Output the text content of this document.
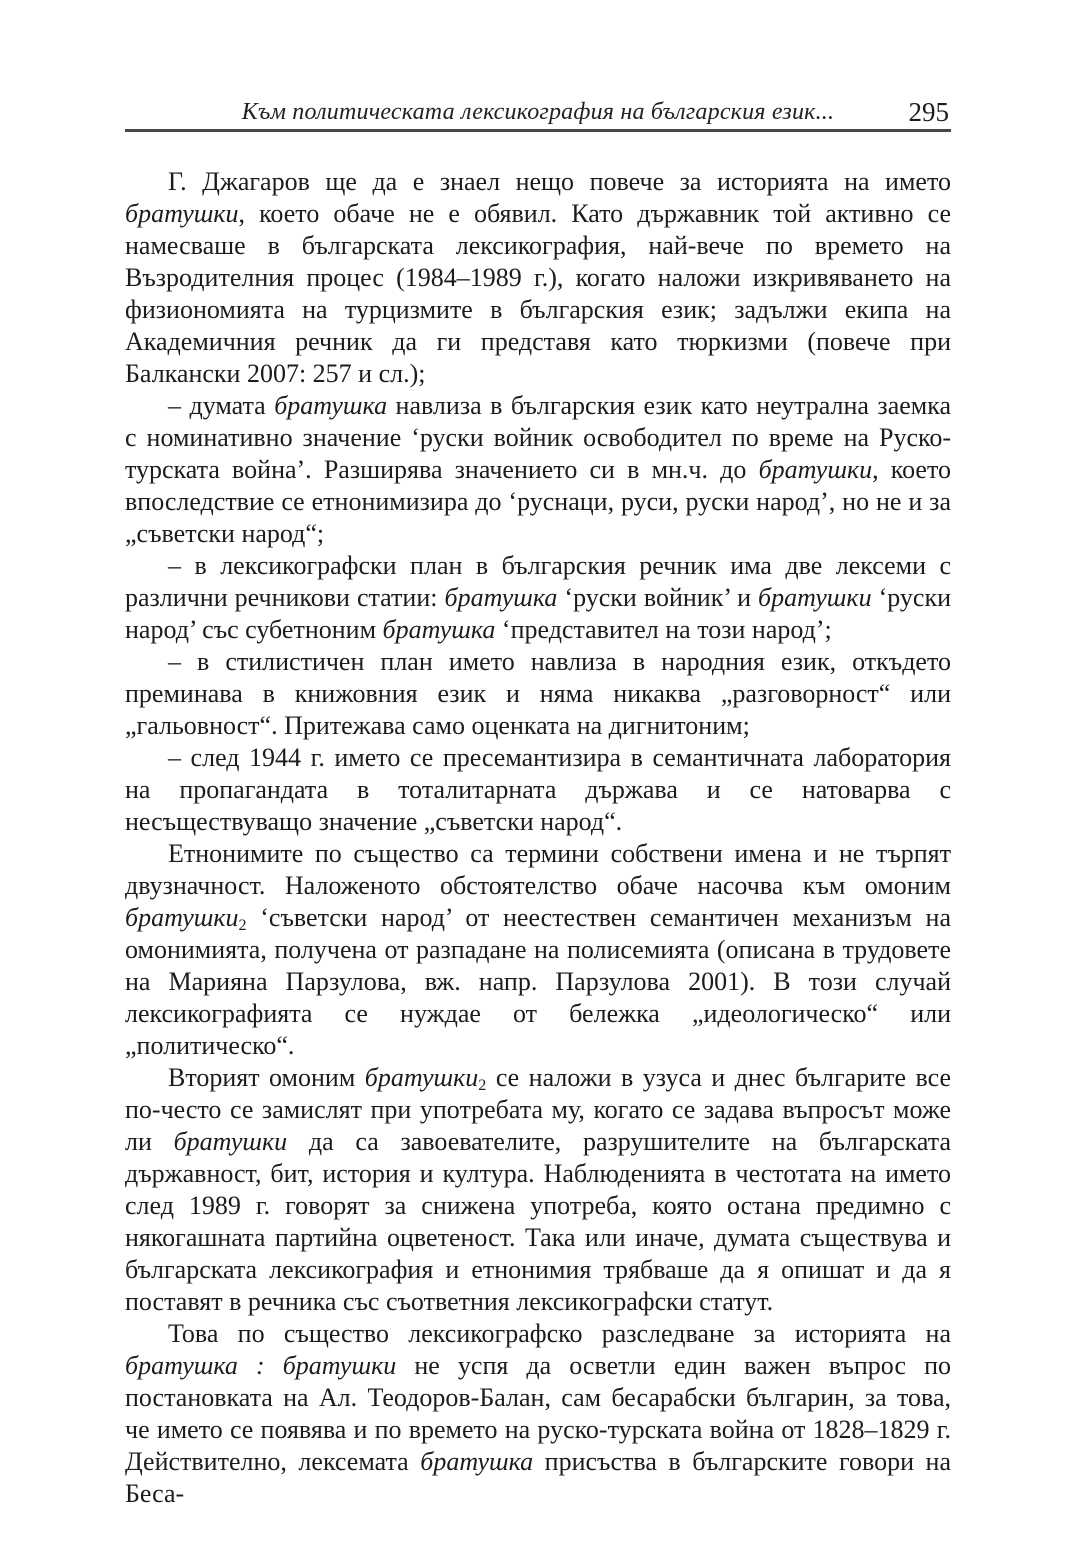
Към политическата лексикография на българския език...	295

Г. Джагаров ще да е знаел нещо повече за историята на името братушки, което обаче не е обявил. Като държавник той активно се намесваше в българската лексикография, най-вече по времето на Възродителния процес (1984–1989 г.), когато наложи изкривяването на физиономията на турцизмите в българския език; задължи екипа на Академичния речник да ги представя като тюркизми (повече при Балкански 2007: 257 и сл.);

– думата братушка навлиза в българския език като неутрална заемка с номинативно значение ‘руски войник освободител по време на Руско-турската война’. Разширява значението си в мн.ч. до братушки, което впоследствие се етнонимизира до ‘руснаци, руси, руски народ’, но не и за „съветски народ“;

– в лексикографски план в българския речник има две лексеми с различни речникови статии: братушка ‘руски войник’ и братушки ‘руски народ’ със субетноним братушка ‘представител на този народ’;

– в стилистичен план името навлиза в народния език, откъдето преминава в книжовния език и няма никаква „разговорност“ или „гальовност“. Притежава само оценката на дигнитоним;

– след 1944 г. името се пресемантизира в семантичната лаборатория на пропагандата в тоталитарната държава и се натоварва с несъществуващо значение „съветски народ“.

Етнонимите по същество са термини собствени имена и не търпят двузначност. Наложеното обстоятелство обаче насочва към омоним братушки$_2$ ‘съветски народ’ от неестествен семантичен механизъм на омонимията, получена от разпадане на полисемията (описана в трудовете на Марияна Парзулова, вж. напр. Парзулова 2001). В този случай лексикографията се нуждае от бележка „идеологическо“ или „политическо“.

Вторият омоним братушки$_2$ се наложи в узуса и днес българите все по-често се замислят при употребата му, когато се задава въпросът може ли братушки да са завоевателите, разрушителите на българската държавност, бит, история и култура. Наблюденията в честотата на името след 1989 г. говорят за снижена употреба, която остана предимно с някогашната партийна оцветеност. Така или иначе, думата съществува и българската лексикография и етнонимия трябваше да я опишат и да я поставят в речника със съответния лексикографски статут.

Това по същество лексикографско разследване за историята на братушка : братушки не успя да осветли един важен въпрос по постановката на Ал. Теодоров-Балан, сам бесарабски българин, за това, че името се появява и по времето на руско-турската война от 1828–1829 г. Действително, лексемата братушка присъства в българските говори на Беса-
